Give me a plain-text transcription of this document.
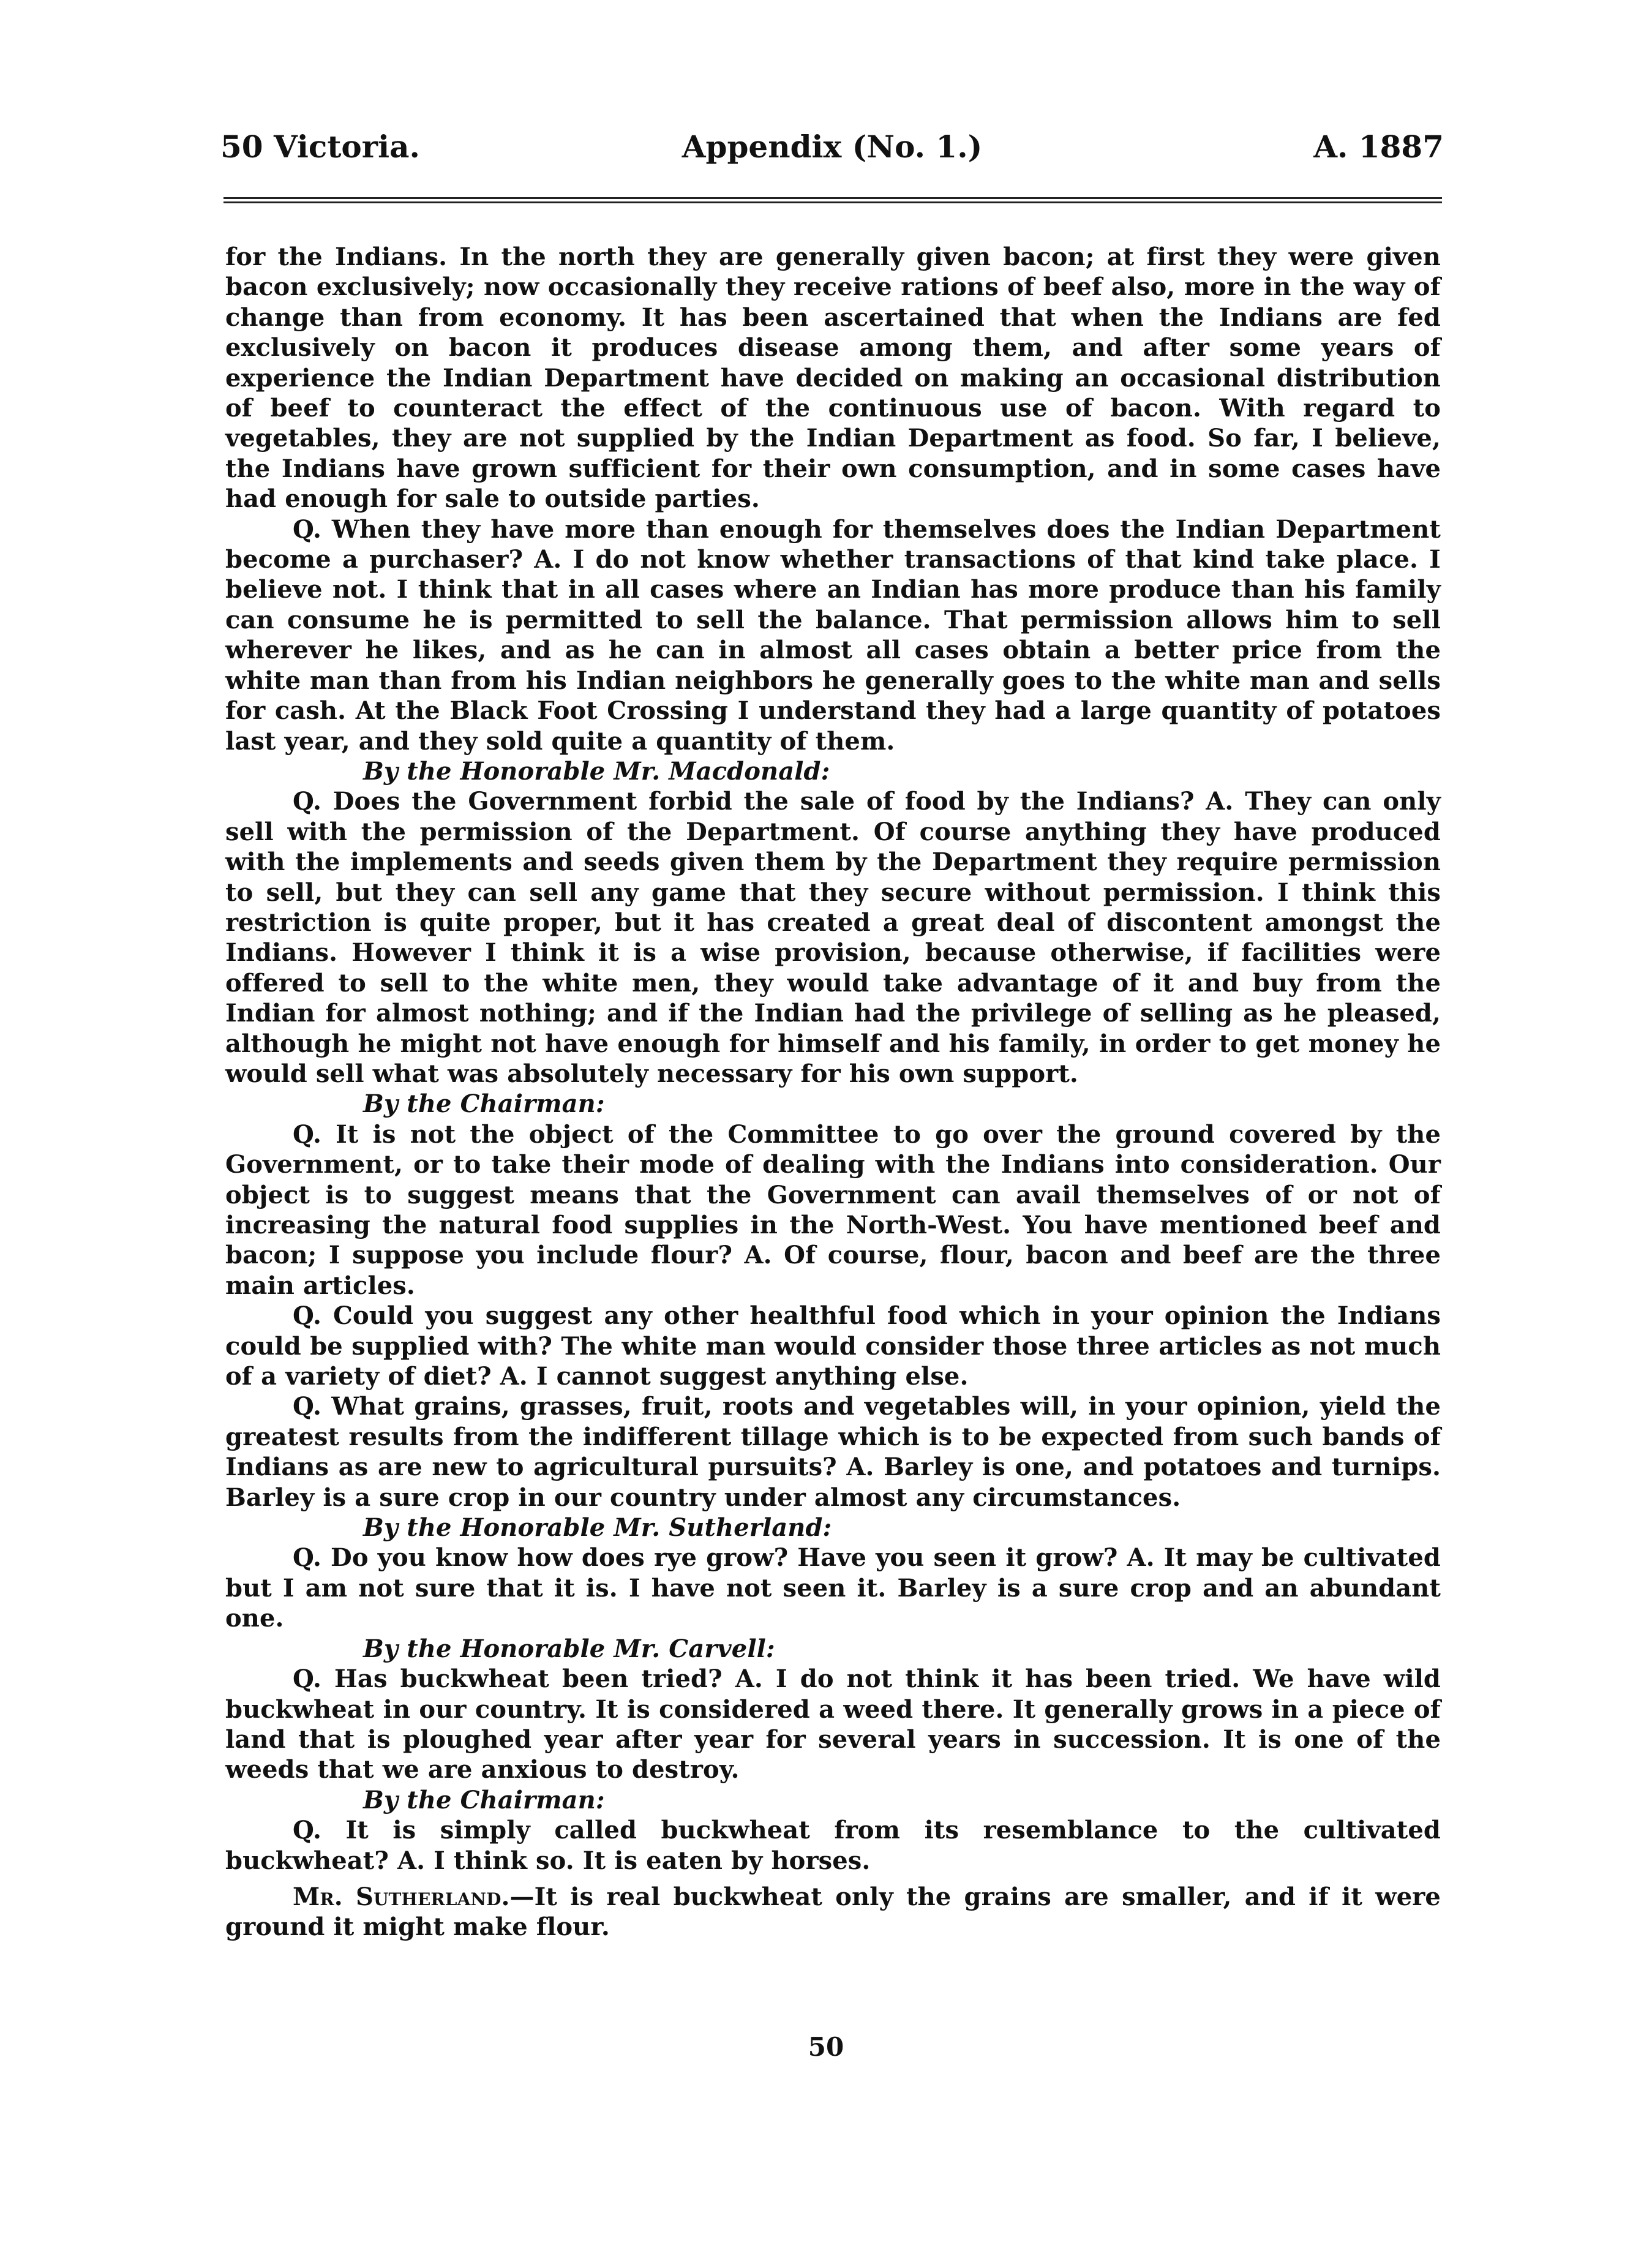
Appendix (No. 1.)
50 Victoria.	A. 1887

for the Indians. In the north they are generally given bacon; at first they were given bacon exclusively; now occasionally they receive rations of beef also, more in the way of change than from economy. It has been ascertained that when the Indians are fed exclusively on bacon it produces disease among them, and after some years of experience the Indian Department have decided on making an occasional distribution of beef to counteract the effect of the continuous use of bacon. With regard to vegetables, they are not supplied by the Indian Department as food. So far, I believe, the Indians have grown sufficient for their own consumption, and in some cases have had enough for sale to outside parties.

Q. When they have more than enough for themselves does the Indian Department become a purchaser? A. I do not know whether transactions of that kind take place. I believe not. I think that in all cases where an Indian has more produce than his family can consume he is permitted to sell the balance. That permission allows him to sell wherever he likes, and as he can in almost all cases obtain a better price from the white man than from his Indian neighbors he generally goes to the white man and sells for cash. At the Black Foot Crossing I understand they had a large quantity of potatoes last year, and they sold quite a quantity of them.

By the Honorable Mr. Macdonald:

Q. Does the Government forbid the sale of food by the Indians? A. They can only sell with the permission of the Department. Of course anything they have produced with the implements and seeds given them by the Department they require permission to sell, but they can sell any game that they secure without permission. I think this restriction is quite proper, but it has created a great deal of discontent amongst the Indians. However I think it is a wise provision, because otherwise, if facilities were offered to sell to the white men, they would take advantage of it and buy from the Indian for almost nothing; and if the Indian had the privilege of selling as he pleased, although he might not have enough for himself and his family, in order to get money he would sell what was absolutely necessary for his own support.

By the Chairman:

Q. It is not the object of the Committee to go over the ground covered by the Government, or to take their mode of dealing with the Indians into consideration. Our object is to suggest means that the Government can avail themselves of or not of increasing the natural food supplies in the North-West. You have mentioned beef and bacon; I suppose you include flour? A. Of course, flour, bacon and beef are the three main articles.

Q. Could you suggest any other healthful food which in your opinion the Indians could be supplied with? The white man would consider those three articles as not much of a variety of diet? A. I cannot suggest anything else.

Q. What grains, grasses, fruit, roots and vegetables will, in your opinion, yield the greatest results from the indifferent tillage which is to be expected from such bands of Indians as are new to agricultural pursuits? A. Barley is one, and potatoes and turnips. Barley is a sure crop in our country under almost any circumstances.

By the Honorable Mr. Sutherland:

Q. Do you know how does rye grow? Have you seen it grow? A. It may be cultivated but I am not sure that it is. I have not seen it. Barley is a sure crop and an abundant one.

By the Honorable Mr. Carvell:

Q. Has buckwheat been tried? A. I do not think it has been tried. We have wild buckwheat in our country. It is considered a weed there. It generally grows in a piece of land that is ploughed year after year for several years in succession. It is one of the weeds that we are anxious to destroy.

By the Chairman:

Q. It is simply called buckwheat from its resemblance to the cultivated buckwheat? A. I think so. It is eaten by horses.

Mr. Sutherland.—It is real buckwheat only the grains are smaller, and if it were ground it might make flour.

50
